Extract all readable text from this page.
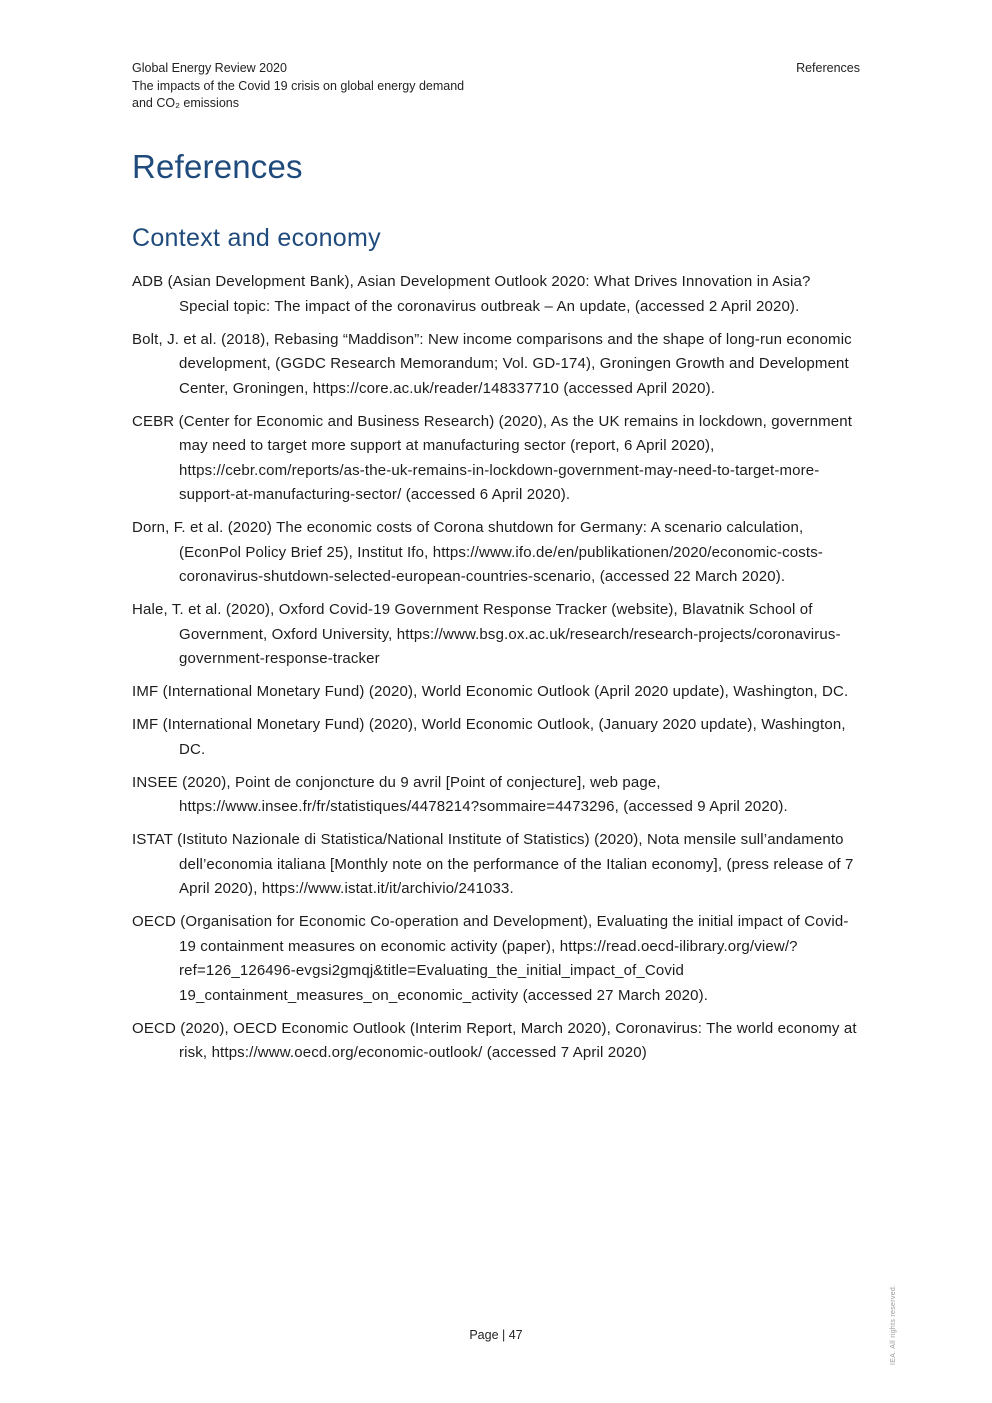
Global Energy Review 2020
The impacts of the Covid 19 crisis on global energy demand
and CO₂ emissions
References
References
Context and economy
ADB (Asian Development Bank), Asian Development Outlook 2020: What Drives Innovation in Asia? Special topic: The impact of the coronavirus outbreak – An update, (accessed 2 April 2020).
Bolt, J. et al. (2018), Rebasing “Maddison”: New income comparisons and the shape of long-run economic development, (GGDC Research Memorandum; Vol. GD-174), Groningen Growth and Development Center, Groningen, https://core.ac.uk/reader/148337710 (accessed April 2020).
CEBR (Center for Economic and Business Research) (2020), As the UK remains in lockdown, government may need to target more support at manufacturing sector (report, 6 April 2020), https://cebr.com/reports/as-the-uk-remains-in-lockdown-government-may-need-to-target-more-support-at-manufacturing-sector/ (accessed 6 April 2020).
Dorn, F. et al. (2020) The economic costs of Corona shutdown for Germany: A scenario calculation, (EconPol Policy Brief 25), Institut Ifo, https://www.ifo.de/en/publikationen/2020/economic-costs-coronavirus-shutdown-selected-european-countries-scenario, (accessed 22 March 2020).
Hale, T. et al. (2020), Oxford Covid-19 Government Response Tracker (website), Blavatnik School of Government, Oxford University, https://www.bsg.ox.ac.uk/research/research-projects/coronavirus-government-response-tracker
IMF (International Monetary Fund) (2020), World Economic Outlook (April 2020 update), Washington, DC.
IMF (International Monetary Fund) (2020), World Economic Outlook, (January 2020 update), Washington, DC.
INSEE (2020), Point de conjoncture du 9 avril [Point of conjecture], web page, https://www.insee.fr/fr/statistiques/4478214?sommaire=4473296, (accessed 9 April 2020).
ISTAT (Istituto Nazionale di Statistica/National Institute of Statistics) (2020), Nota mensile sull’andamento dell’economia italiana [Monthly note on the performance of the Italian economy], (press release of 7 April 2020), https://www.istat.it/it/archivio/241033.
OECD (Organisation for Economic Co-operation and Development), Evaluating the initial impact of Covid-19 containment measures on economic activity (paper), https://read.oecd-ilibrary.org/view/?ref=126_126496-evgsi2gmqj&title=Evaluating_the_initial_impact_of_Covid 19_containment_measures_on_economic_activity (accessed 27 March 2020).
OECD (2020), OECD Economic Outlook (Interim Report, March 2020), Coronavirus: The world economy at risk, https://www.oecd.org/economic-outlook/ (accessed 7 April 2020)
Page | 47	IEA. All rights reserved.
